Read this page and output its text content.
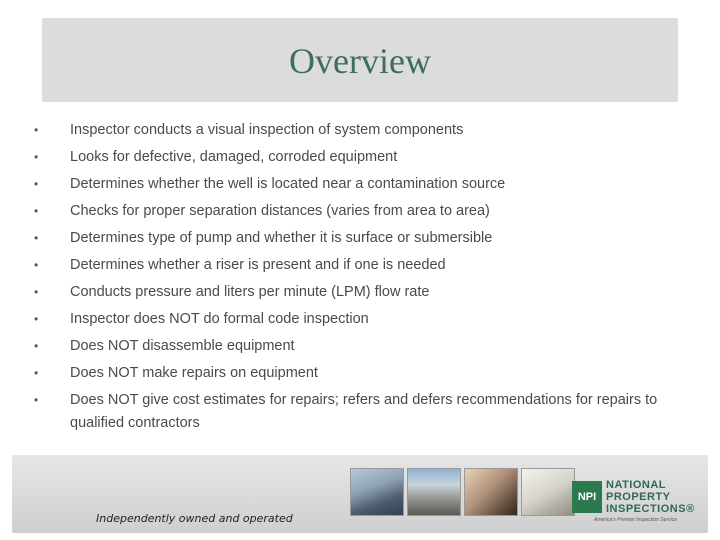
Overview
• Inspector conducts a visual inspection of system components
• Looks for defective, damaged, corroded equipment
• Determines whether the well is located near a contamination source
• Checks for proper separation distances (varies from area to area)
• Determines type of pump and whether it is surface or submersible
• Determines whether a riser is present and if one is needed
• Conducts pressure and liters per minute (LPM) flow rate
• Inspector does NOT do formal code inspection
• Does NOT disassemble equipment
• Does NOT make repairs on equipment
• Does NOT give cost estimates for repairs; refers and defers recommendations for repairs to qualified contractors
Independently owned and operated
NPI
NATIONAL
PROPERTY
INSPECTIONS®
America's Premier Inspection Service
